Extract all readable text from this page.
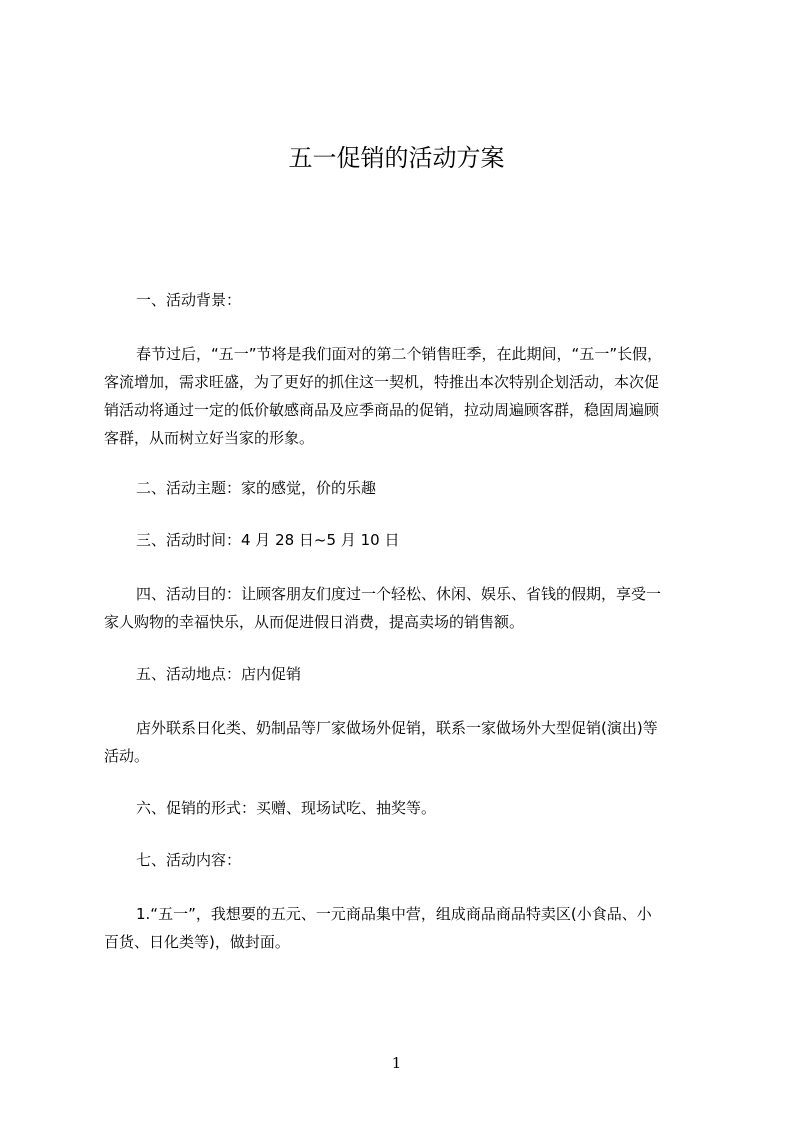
五一促销的活动方案
一、活动背景：
春节过后，“五一”节将是我们面对的第二个销售旺季，在此期间，“五一”长假，
客流增加，需求旺盛，为了更好的抓住这一契机，特推出本次特别企划活动，本次促
销活动将通过一定的低价敏感商品及应季商品的促销，拉动周遍顾客群，稳固周遍顾
客群，从而树立好当家的形象。
二、活动主题：家的感觉，价的乐趣
三、活动时间：4 月 28 日~5 月 10 日
四、活动目的：让顾客朋友们度过一个轻松、休闲、娱乐、省钱的假期，享受一
家人购物的幸福快乐，从而促进假日消费，提高卖场的销售额。
五、活动地点：店内促销
店外联系日化类、奶制品等厂家做场外促销，联系一家做场外大型促销(演出)等
活动。
六、促销的形式：买赠、现场试吃、抽奖等。
七、活动内容：
1.“五一”，我想要的五元、一元商品集中营，组成商品商品特卖区(小食品、小
百货、日化类等)，做封面。
1
